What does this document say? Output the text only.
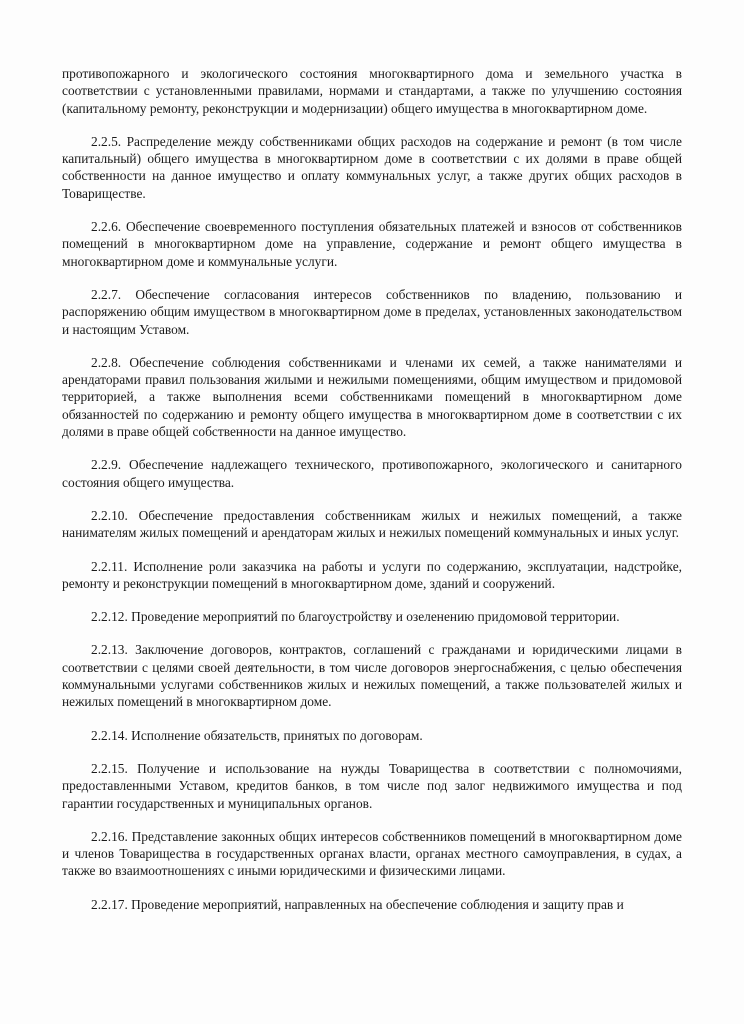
противопожарного и экологического состояния многоквартирного дома и земельного участка в соответствии с установленными правилами, нормами и стандартами, а также по улучшению состояния (капитальному ремонту, реконструкции и модернизации) общего имущества в многоквартирном доме.

2.2.5. Распределение между собственниками общих расходов на содержание и ремонт (в том числе капитальный) общего имущества в многоквартирном доме в соответствии с их долями в праве общей собственности на данное имущество и оплату коммунальных услуг, а также других общих расходов в Товариществе.

2.2.6. Обеспечение своевременного поступления обязательных платежей и взносов от собственников помещений в многоквартирном доме на управление, содержание и ремонт общего имущества в многоквартирном доме и коммунальные услуги.

2.2.7. Обеспечение согласования интересов собственников по владению, пользованию и распоряжению общим имуществом в многоквартирном доме в пределах, установленных законодательством и настоящим Уставом.

2.2.8. Обеспечение соблюдения собственниками и членами их семей, а также нанимателями и арендаторами правил пользования жилыми и нежилыми помещениями, общим имуществом и придомовой территорией, а также выполнения всеми собственниками помещений в многоквартирном доме обязанностей по содержанию и ремонту общего имущества в многоквартирном доме в соответствии с их долями в праве общей собственности на данное имущество.

2.2.9. Обеспечение надлежащего технического, противопожарного, экологического и санитарного состояния общего имущества.

2.2.10. Обеспечение предоставления собственникам жилых и нежилых помещений, а также нанимателям жилых помещений и арендаторам жилых и нежилых помещений коммунальных и иных услуг.

2.2.11. Исполнение роли заказчика на работы и услуги по содержанию, эксплуатации, надстройке, ремонту и реконструкции помещений в многоквартирном доме, зданий и сооружений.

2.2.12. Проведение мероприятий по благоустройству и озеленению придомовой территории.

2.2.13. Заключение договоров, контрактов, соглашений с гражданами и юридическими лицами в соответствии с целями своей деятельности, в том числе договоров энергоснабжения, с целью обеспечения коммунальными услугами собственников жилых и нежилых помещений, а также пользователей жилых и нежилых помещений в многоквартирном доме.

2.2.14. Исполнение обязательств, принятых по договорам.

2.2.15. Получение и использование на нужды Товарищества в соответствии с полномочиями, предоставленными Уставом, кредитов банков, в том числе под залог недвижимого имущества и под гарантии государственных и муниципальных органов.

2.2.16. Представление законных общих интересов собственников помещений в многоквартирном доме и членов Товарищества в государственных органах власти, органах местного самоуправления, в судах, а также во взаимоотношениях с иными юридическими и физическими лицами.

2.2.17. Проведение мероприятий, направленных на обеспечение соблюдения и защиту прав и
